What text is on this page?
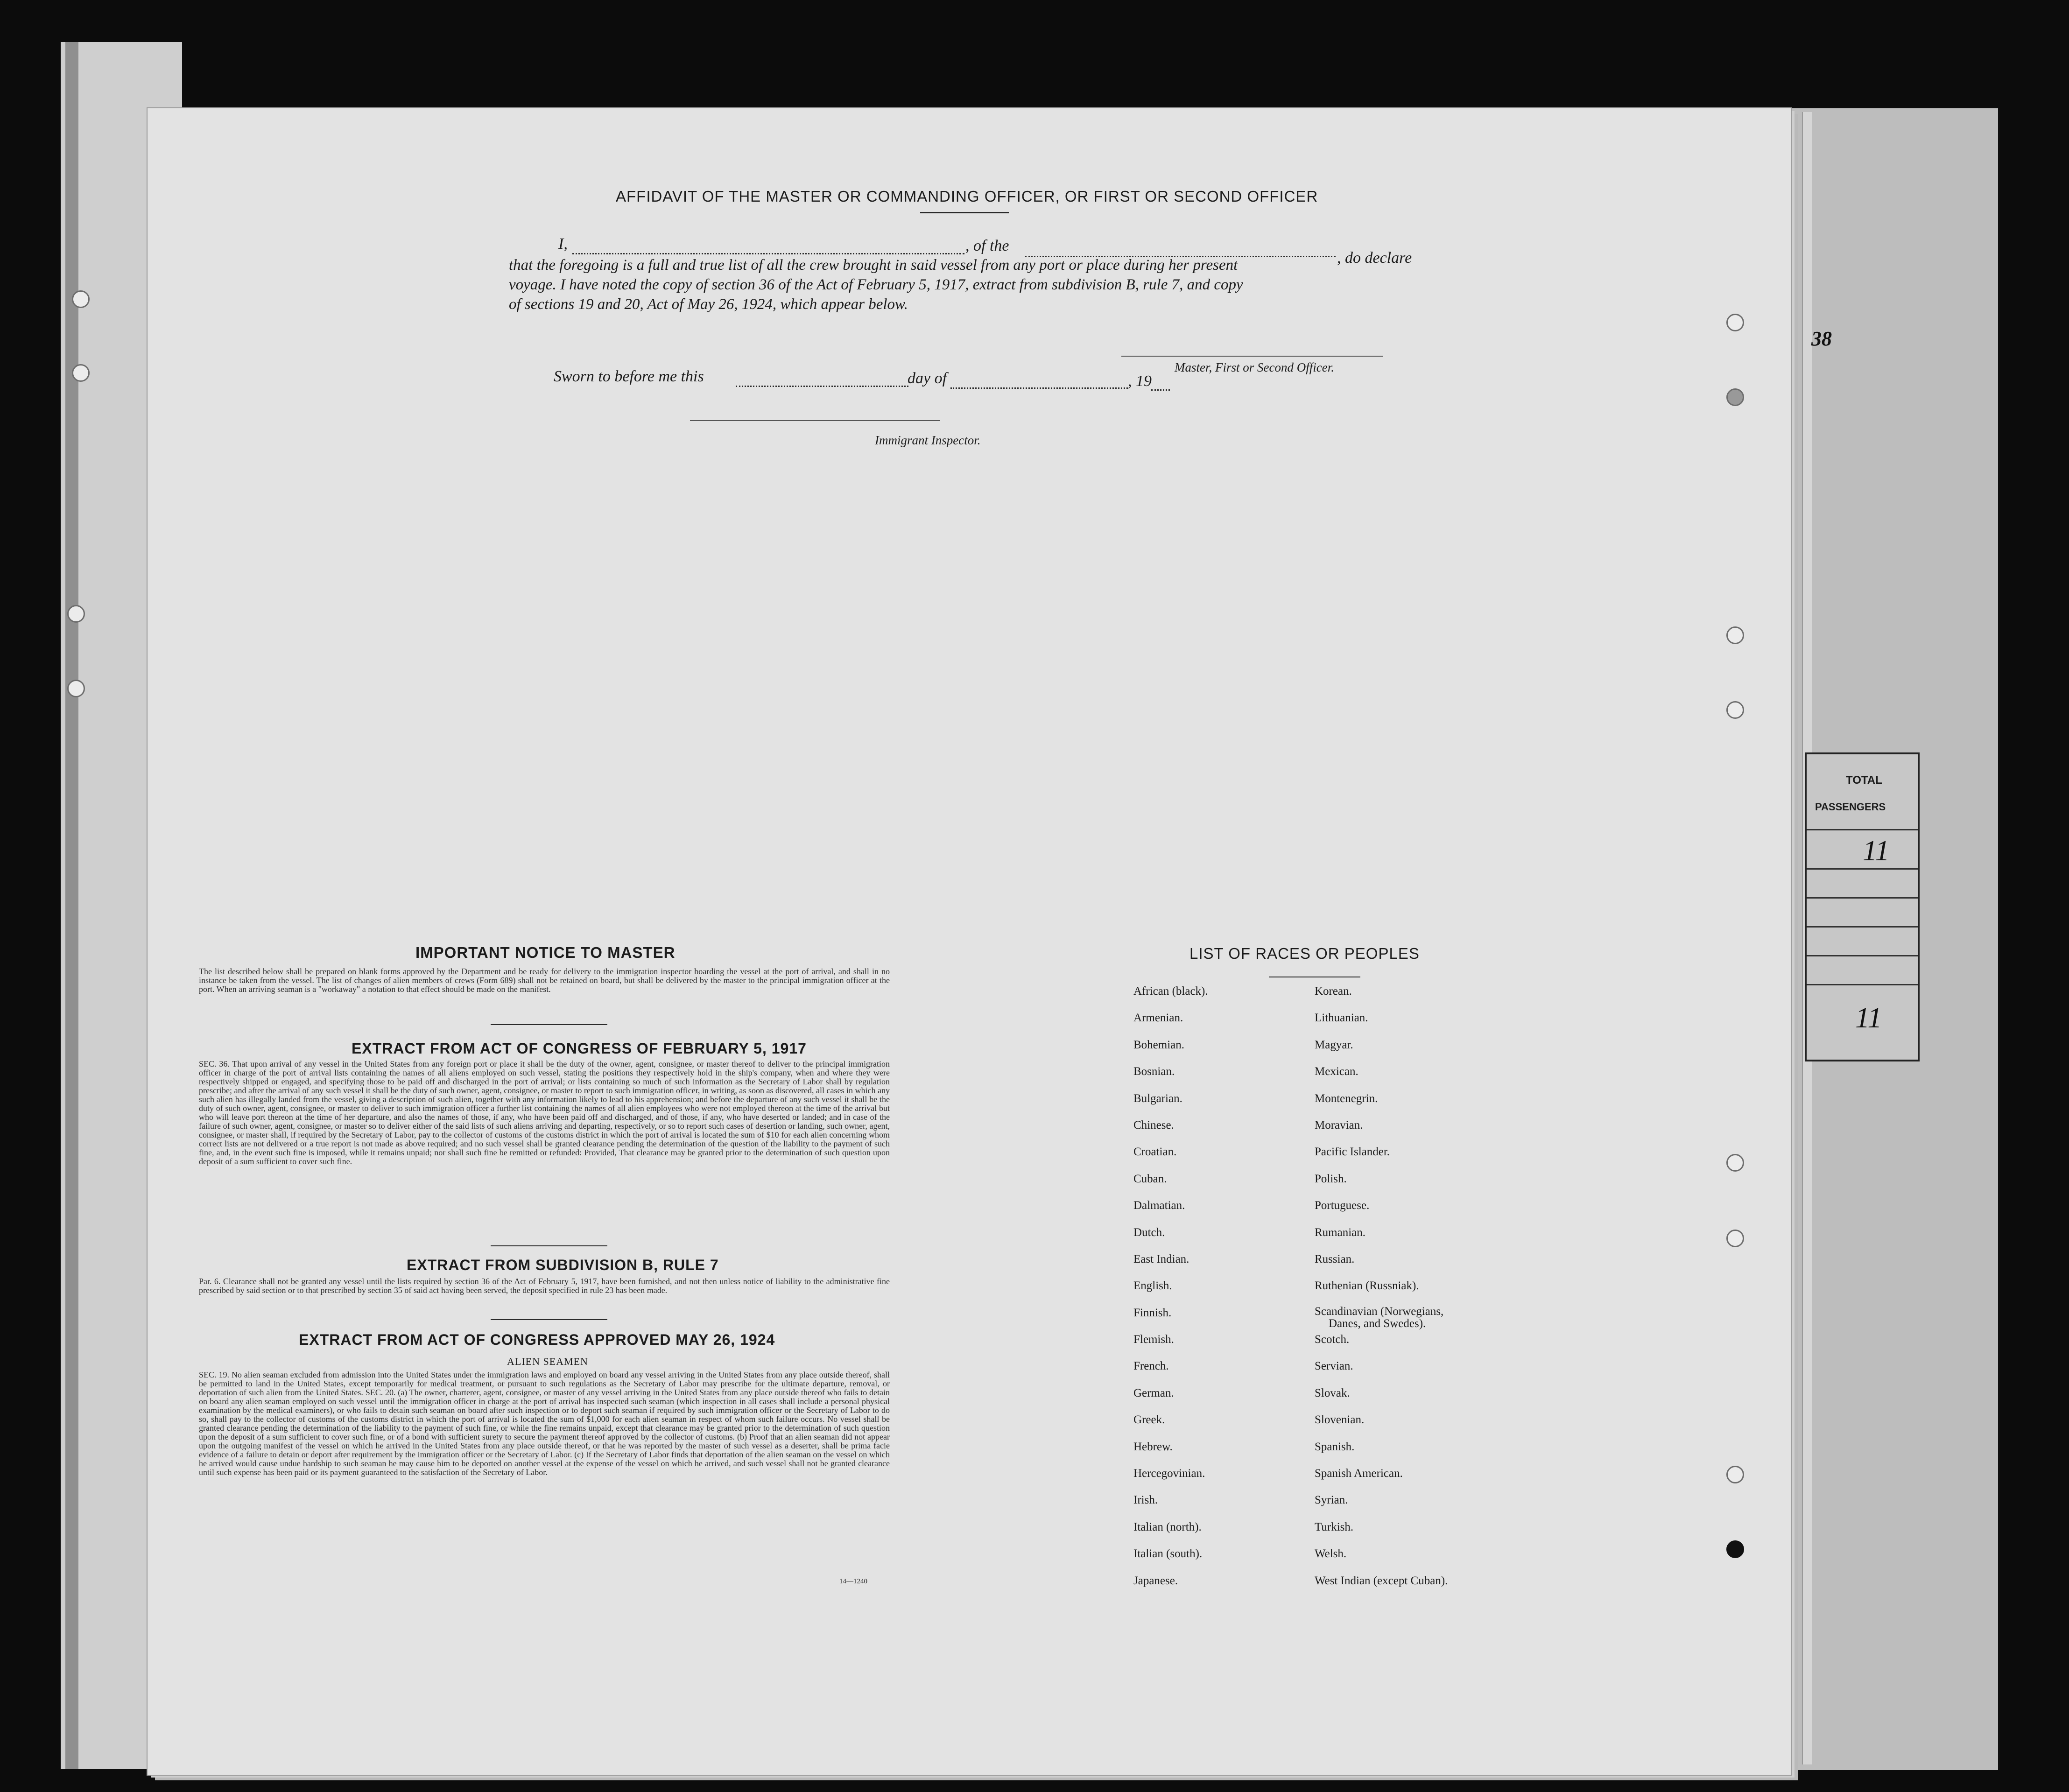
AFFIDAVIT OF THE MASTER OR COMMANDING OFFICER, OR FIRST OR SECOND OFFICER
I,	, of the
, do declare
that the foregoing is a full and true list of all the crew brought in said vessel from any port or place during her present
voyage. I have noted the copy of section 36 of the Act of February 5, 1917, extract from subdivision B, rule 7, and copy
of sections 19 and 20, Act of May 26, 1924, which appear below.
Master, First or Second Officer.
Sworn to before me this	day of	, 19
Immigrant Inspector.
IMPORTANT NOTICE TO MASTER
The list described below shall be prepared on blank forms approved by the Department and be ready for delivery to the immigration inspector boarding the vessel at the port of arrival, and shall in no instance be taken from the vessel. The list of changes of alien members of crews (Form 689) shall not be retained on board, but shall be delivered by the master to the principal immigration officer at the port. When an arriving seaman is a "workaway" a notation to that effect should be made on the manifest.
EXTRACT FROM ACT OF CONGRESS OF FEBRUARY 5, 1917
SEC. 36. That upon arrival of any vessel in the United States from any foreign port or place it shall be the duty of the owner, agent, consignee, or master thereof to deliver to the principal immigration officer in charge of the port of arrival lists containing the names of all aliens employed on such vessel, stating the positions they respectively hold in the ship's company, when and where they were respectively shipped or engaged, and specifying those to be paid off and discharged in the port of arrival; or lists containing so much of such information as the Secretary of Labor shall by regulation prescribe; and after the arrival of any such vessel it shall be the duty of such owner, agent, consignee, or master to report to such immigration officer, in writing, as soon as discovered, all cases in which any such alien has illegally landed from the vessel, giving a description of such alien, together with any information likely to lead to his apprehension; and before the departure of any such vessel it shall be the duty of such owner, agent, consignee, or master to deliver to such immigration officer a further list containing the names of all alien employees who were not employed thereon at the time of the arrival but who will leave port thereon at the time of her departure, and also the names of those, if any, who have been paid off and discharged, and of those, if any, who have deserted or landed; and in case of the failure of such owner, agent, consignee, or master so to deliver either of the said lists of such aliens arriving and departing, respectively, or so to report such cases of desertion or landing, such owner, agent, consignee, or master shall, if required by the Secretary of Labor, pay to the collector of customs of the customs district in which the port of arrival is located the sum of $10 for each alien concerning whom correct lists are not delivered or a true report is not made as above required; and no such vessel shall be granted clearance pending the determination of the question of the liability to the payment of such fine, and, in the event such fine is imposed, while it remains unpaid; nor shall such fine be remitted or refunded: Provided, That clearance may be granted prior to the determination of such question upon deposit of a sum sufficient to cover such fine.
EXTRACT FROM SUBDIVISION B, RULE 7
Par. 6. Clearance shall not be granted any vessel until the lists required by section 36 of the Act of February 5, 1917, have been furnished, and not then unless notice of liability to the administrative fine prescribed by said section or to that prescribed by section 35 of said act having been served, the deposit specified in rule 23 has been made.
EXTRACT FROM ACT OF CONGRESS APPROVED MAY 26, 1924
ALIEN SEAMEN
SEC. 19. No alien seaman excluded from admission into the United States under the immigration laws and employed on board any vessel arriving in the United States from any place outside thereof, shall be permitted to land in the United States, except temporarily for medical treatment, or pursuant to such regulations as the Secretary of Labor may prescribe for the ultimate departure, removal, or deportation of such alien from the United States. SEC. 20. (a) The owner, charterer, agent, consignee, or master of any vessel arriving in the United States from any place outside thereof who fails to detain on board any alien seaman employed on such vessel until the immigration officer in charge at the port of arrival has inspected such seaman (which inspection in all cases shall include a personal physical examination by the medical examiners), or who fails to detain such seaman on board after such inspection or to deport such seaman if required by such immigration officer or the Secretary of Labor to do so, shall pay to the collector of customs of the customs district in which the port of arrival is located the sum of $1,000 for each alien seaman in respect of whom such failure occurs. No vessel shall be granted clearance pending the determination of the liability to the payment of such fine, or while the fine remains unpaid, except that clearance may be granted prior to the determination of such question upon the deposit of a sum sufficient to cover such fine, or of a bond with sufficient surety to secure the payment thereof approved by the collector of customs. (b) Proof that an alien seaman did not appear upon the outgoing manifest of the vessel on which he arrived in the United States from any place outside thereof, or that he was reported by the master of such vessel as a deserter, shall be prima facie evidence of a failure to detain or deport after requirement by the immigration officer or the Secretary of Labor. (c) If the Secretary of Labor finds that deportation of the alien seaman on the vessel on which he arrived would cause undue hardship to such seaman he may cause him to be deported on another vessel at the expense of the vessel on which he arrived, and such vessel shall not be granted clearance until such expense has been paid or its payment guaranteed to the satisfaction of the Secretary of Labor.
14—1240
LIST OF RACES OR PEOPLES
African (black).
Armenian.
Bohemian.
Bosnian.
Bulgarian.
Chinese.
Croatian.
Cuban.
Dalmatian.
Dutch.
East Indian.
English.
Finnish.
Flemish.
French.
German.
Greek.
Hebrew.
Hercegovinian.
Irish.
Italian (north).
Italian (south).
Japanese.
Korean.
Lithuanian.
Magyar.
Mexican.
Montenegrin.
Moravian.
Pacific Islander.
Polish.
Portuguese.
Rumanian.
Russian.
Ruthenian (Russniak).
Scandinavian (Norwegians,
Danes, and Swedes).
Scotch.
Servian.
Slovak.
Slovenian.
Spanish.
Spanish American.
Syrian.
Turkish.
Welsh.
West Indian (except Cuban).
38
TOTAL
PASSENGERS
11
11
